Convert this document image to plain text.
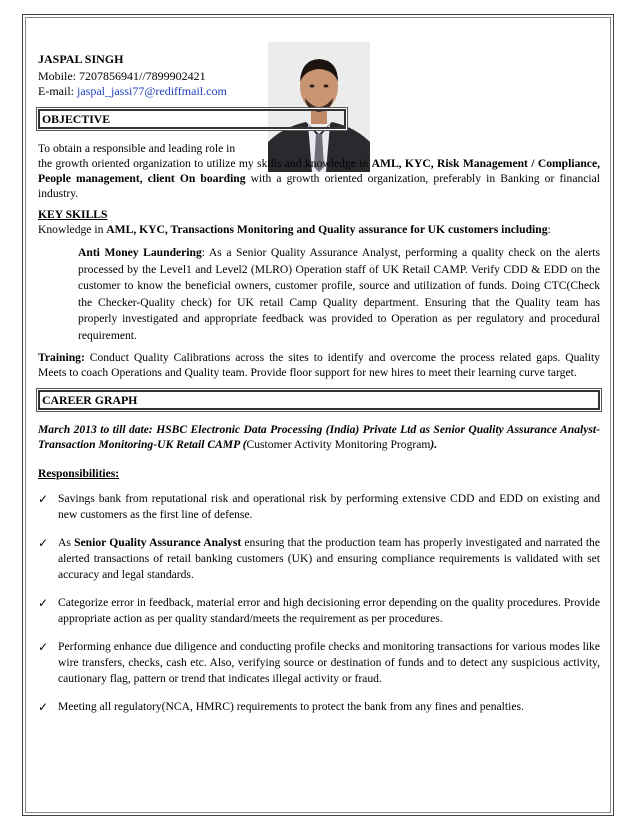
JASPAL SINGH
Mobile: 7207856941//7899902421
E-mail: jaspal_jassi77@rediffmail.com
OBJECTIVE
To obtain a responsible and leading role in
the growth oriented organization to utilize my skills and knowledge in AML, KYC, Risk Management / Compliance, People management, client On boarding with a growth oriented organization, preferably in Banking or financial industry.
KEY SKILLS
Knowledge in AML, KYC, Transactions Monitoring and Quality assurance for UK customers including:
Anti Money Laundering: As a Senior Quality Assurance Analyst, performing a quality check on the alerts processed by the Level1 and Level2 (MLRO) Operation staff of UK Retail CAMP. Verify CDD & EDD on the customer to know the beneficial owners, customer profile, source and utilization of funds. Doing CTC(Check the Checker-Quality check) for UK retail Camp Quality department. Ensuring that the Quality team has properly investigated and appropriate feedback was provided to Operation as per regulatory and procedural requirement.
Training: Conduct Quality Calibrations across the sites to identify and overcome the process related gaps. Quality Meets to coach Operations and Quality team. Provide floor support for new hires to meet their learning curve target.
CAREER GRAPH
March 2013 to till date: HSBC Electronic Data Processing (India) Private Ltd as Senior Quality Assurance Analyst-Transaction Monitoring-UK Retail CAMP (Customer Activity Monitoring Program).
Responsibilities:
✓ Savings bank from reputational risk and operational risk by performing extensive CDD and EDD on existing and new customers as the first line of defense.
✓ As Senior Quality Assurance Analyst ensuring that the production team has properly investigated and narrated the alerted transactions of retail banking customers (UK) and ensuring compliance requirements is validated with set accuracy and legal standards.
✓ Categorize error in feedback, material error and high decisioning error depending on the quality procedures. Provide appropriate action as per quality standard/meets the requirement as per procedures.
✓ Performing enhance due diligence and conducting profile checks and monitoring transactions for various modes like wire transfers, checks, cash etc. Also, verifying source or destination of funds and to detect any suspicious activity, cautionary flag, pattern or trend that indicates illegal activity or fraud.
✓ Meeting all regulatory(NCA, HMRC) requirements to protect the bank from any fines and penalties.
